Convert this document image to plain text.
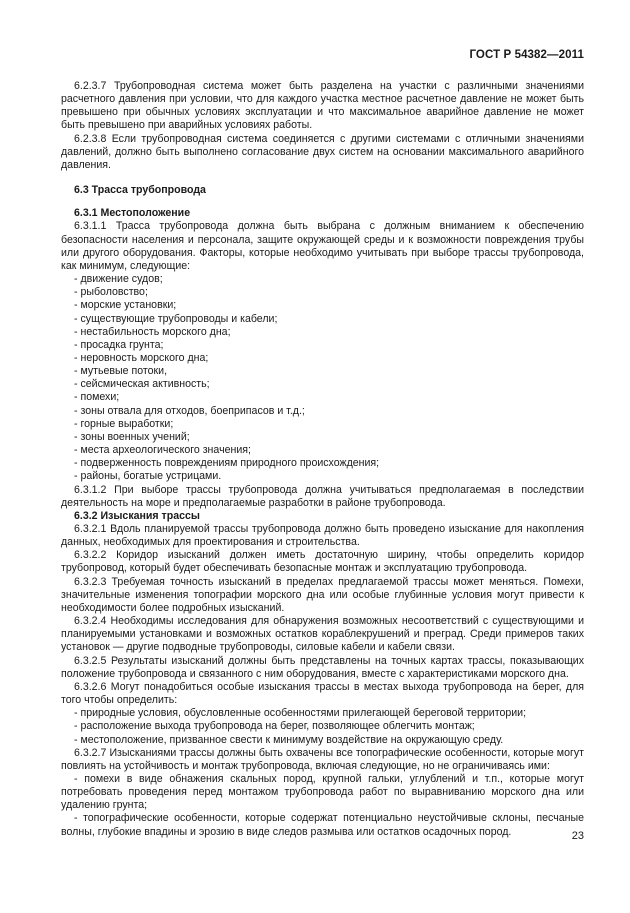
ГОСТ Р 54382—2011

6.2.3.7 Трубопроводная система может быть разделена на участки с различными значениями расчетного давления при условии, что для каждого участка местное расчетное давление не может быть превышено при обычных условиях эксплуатации и что максимальное аварийное давление не может быть превышено при аварийных условиях работы.

6.2.3.8 Если трубопроводная система соединяется с другими системами с отличными значениями давлений, должно быть выполнено согласование двух систем на основании максимального аварийного давления.

6.3 Трасса трубопровода
6.3.1 Местоположение

6.3.1.1 Трасса трубопровода должна быть выбрана с должным вниманием к обеспечению безопасности населения и персонала, защите окружающей среды и к возможности повреждения трубы или другого оборудования. Факторы, которые необходимо учитывать при выборе трассы трубопровода, как минимум, следующие:

- движение судов;
- рыболовство;
- морские установки;
- существующие трубопроводы и кабели;
- нестабильность морского дна;
- просадка грунта;
- неровность морского дна;
- мутьевые потоки,
- сейсмическая активность;
- помехи;
- зоны отвала для отходов, боеприпасов и т.д.;
- горные выработки;
- зоны военных учений;
- места археологического значения;
- подверженность повреждениям природного происхождения;
- районы, богатые устрицами.

6.3.1.2 При выборе трассы трубопровода должна учитываться предполагаемая в последствии деятельность на море и предполагаемые разработки в районе трубопровода.

6.3.2 Изыскания трассы

6.3.2.1 Вдоль планируемой трассы трубопровода должно быть проведено изыскание для накопления данных, необходимых для проектирования и строительства.

6.3.2.2 Коридор изысканий должен иметь достаточную ширину, чтобы определить коридор трубопровод, который будет обеспечивать безопасные монтаж и эксплуатацию трубопровода.

6.3.2.3 Требуемая точность изысканий в пределах предлагаемой трассы может меняться. Помехи, значительные изменения топографии морского дна или особые глубинные условия могут привести к необходимости более подробных изысканий.

6.3.2.4 Необходимы исследования для обнаружения возможных несоответствий с существующими и планируемыми установками и возможных остатков кораблекрушений и преград. Среди примеров таких установок — другие подводные трубопроводы, силовые кабели и кабели связи.

6.3.2.5 Результаты изысканий должны быть представлены на точных картах трассы, показывающих положение трубопровода и связанного с ним оборудования, вместе с характеристиками морского дна.

6.3.2.6 Могут понадобиться особые изыскания трассы в местах выхода трубопровода на берег, для того чтобы определить:

- природные условия, обусловленные особенностями прилегающей береговой территории;
- расположение выхода трубопровода на берег, позволяющее облегчить монтаж;
- местоположение, призванное свести к минимуму воздействие на окружающую среду.

6.3.2.7 Изысканиями трассы должны быть охвачены все топографические особенности, которые могут повлиять на устойчивость и монтаж трубопровода, включая следующие, но не ограничиваясь ими:

- помехи в виде обнажения скальных пород, крупной гальки, углублений и т.п., которые могут потребовать проведения перед монтажом трубопровода работ по выравниванию морского дна или удалению грунта;

- топографические особенности, которые содержат потенциально неустойчивые склоны, песчаные волны, глубокие впадины и эрозию в виде следов размыва или остатков осадочных пород.	23
